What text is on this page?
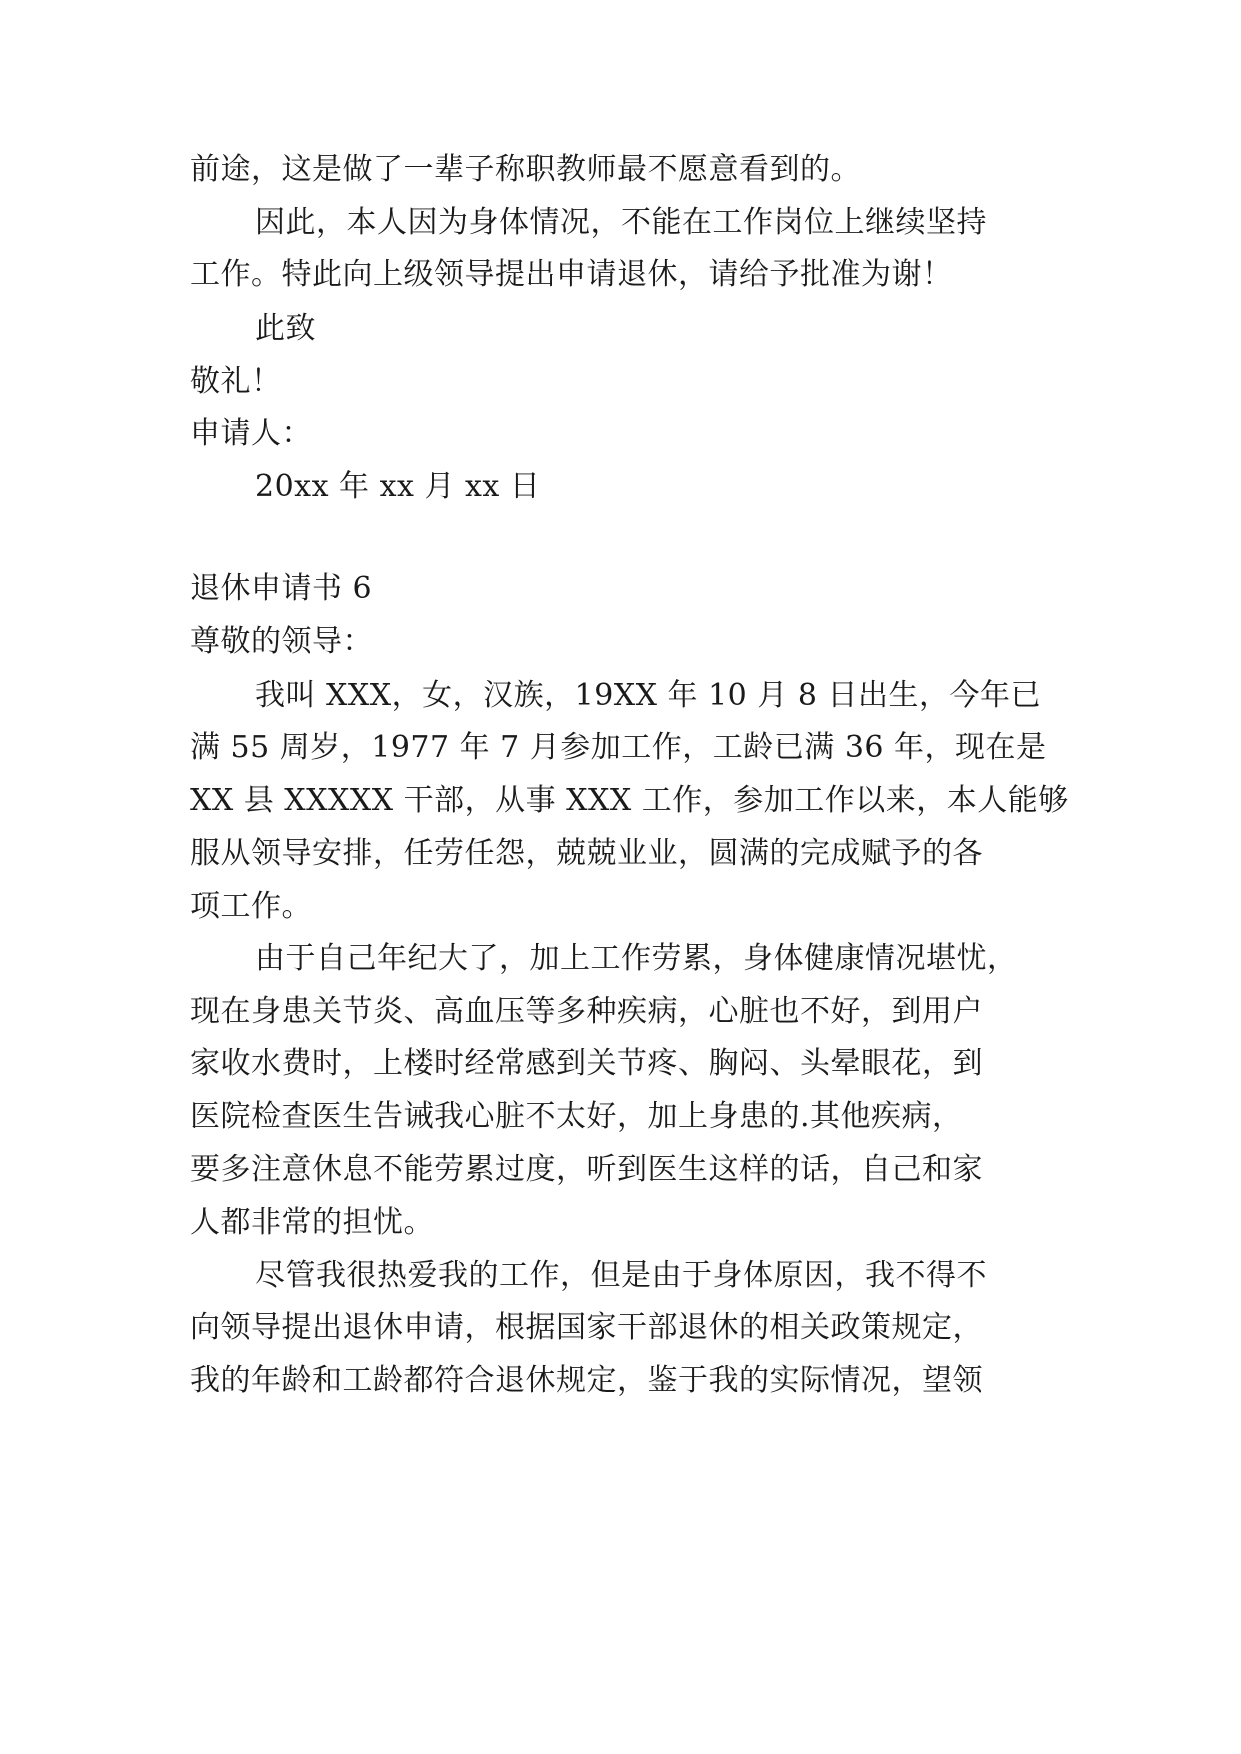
前途，这是做了一辈子称职教师最不愿意看到的。
因此，本人因为身体情况，不能在工作岗位上继续坚持
工作。特此向上级领导提出申请退休，请给予批准为谢！
此致
敬礼！
申请人：
20xx 年 xx 月 xx 日
退休申请书 6
尊敬的领导：
我叫 XXX，女，汉族，19XX 年 10 月 8 日出生，今年已
满 55 周岁，1977 年 7 月参加工作，工龄已满 36 年，现在是
XX 县 XXXXX 干部，从事 XXX 工作，参加工作以来，本人能够
服从领导安排，任劳任怨，兢兢业业，圆满的完成赋予的各
项工作。
由于自己年纪大了，加上工作劳累，身体健康情况堪忧，
现在身患关节炎、高血压等多种疾病，心脏也不好，到用户
家收水费时，上楼时经常感到关节疼、胸闷、头晕眼花，到
医院检查医生告诫我心脏不太好，加上身患的.其他疾病，
要多注意休息不能劳累过度，听到医生这样的话，自己和家
人都非常的担忧。
尽管我很热爱我的工作，但是由于身体原因，我不得不
向领导提出退休申请，根据国家干部退休的相关政策规定，
我的年龄和工龄都符合退休规定，鉴于我的实际情况，望领
